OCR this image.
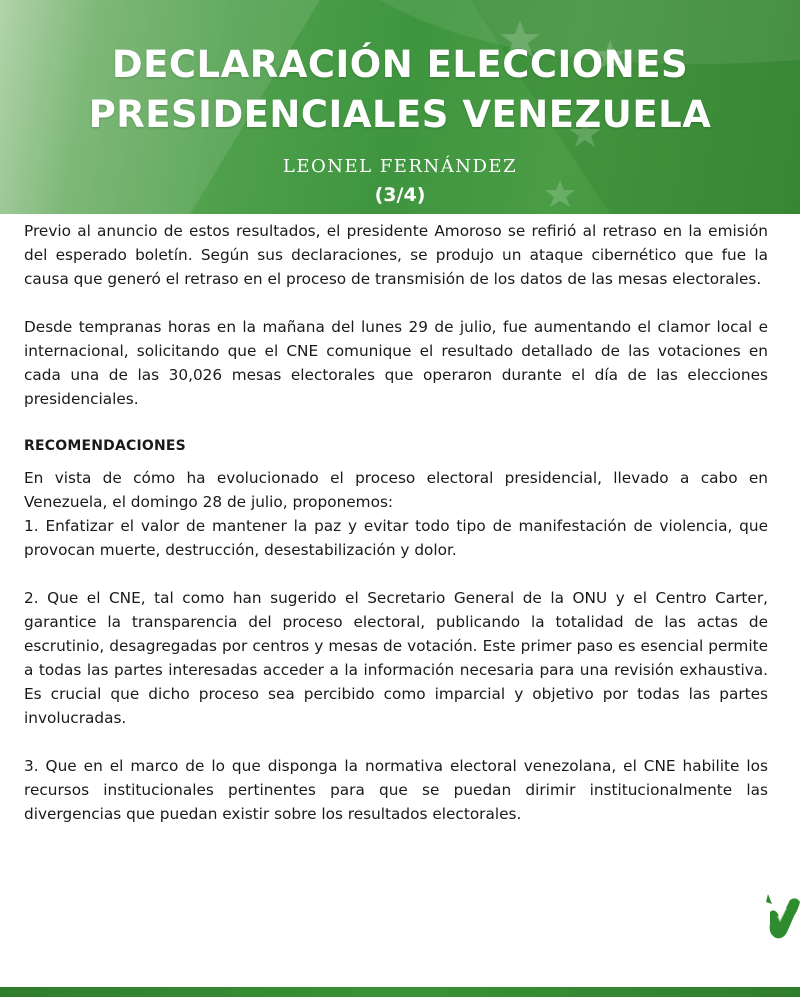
DECLARACIÓN ELECCIONES
PRESIDENCIALES VENEZUELA
LEONEL FERNÁNDEZ
(3/4)

Previo al anuncio de estos resultados, el presidente Amoroso se refirió al retraso en la emisión del esperado boletín. Según sus declaraciones, se produjo un ataque cibernético que fue la causa que generó el retraso en el proceso de transmisión de los datos de las mesas electorales.

Desde tempranas horas en la mañana del lunes 29 de julio, fue aumentando el clamor local e internacional, solicitando que el CNE comunique el resultado detallado de las votaciones en cada una de las 30,026 mesas electorales que operaron durante el día de las elecciones presidenciales.

RECOMENDACIONES

En vista de cómo ha evolucionado el proceso electoral presidencial, llevado a cabo en Venezuela, el domingo 28 de julio, proponemos:

1. Enfatizar el valor de mantener la paz y evitar todo tipo de manifestación de violencia, que provocan muerte, destrucción, desestabilización y dolor.

2. Que el CNE, tal como han sugerido el Secretario General de la ONU y el Centro Carter, garantice la transparencia del proceso electoral, publicando la totalidad de las actas de escrutinio, desagregadas por centros y mesas de votación. Este primer paso es esencial permite a todas las partes interesadas acceder a la información necesaria para una revisión exhaustiva. Es crucial que dicho proceso sea percibido como imparcial y objetivo por todas las partes involucradas.

3. Que en el marco de lo que disponga la normativa electoral venezolana, el CNE habilite los recursos institucionales pertinentes para que se puedan dirimir institucionalmente las divergencias que puedan existir sobre los resultados electorales.
